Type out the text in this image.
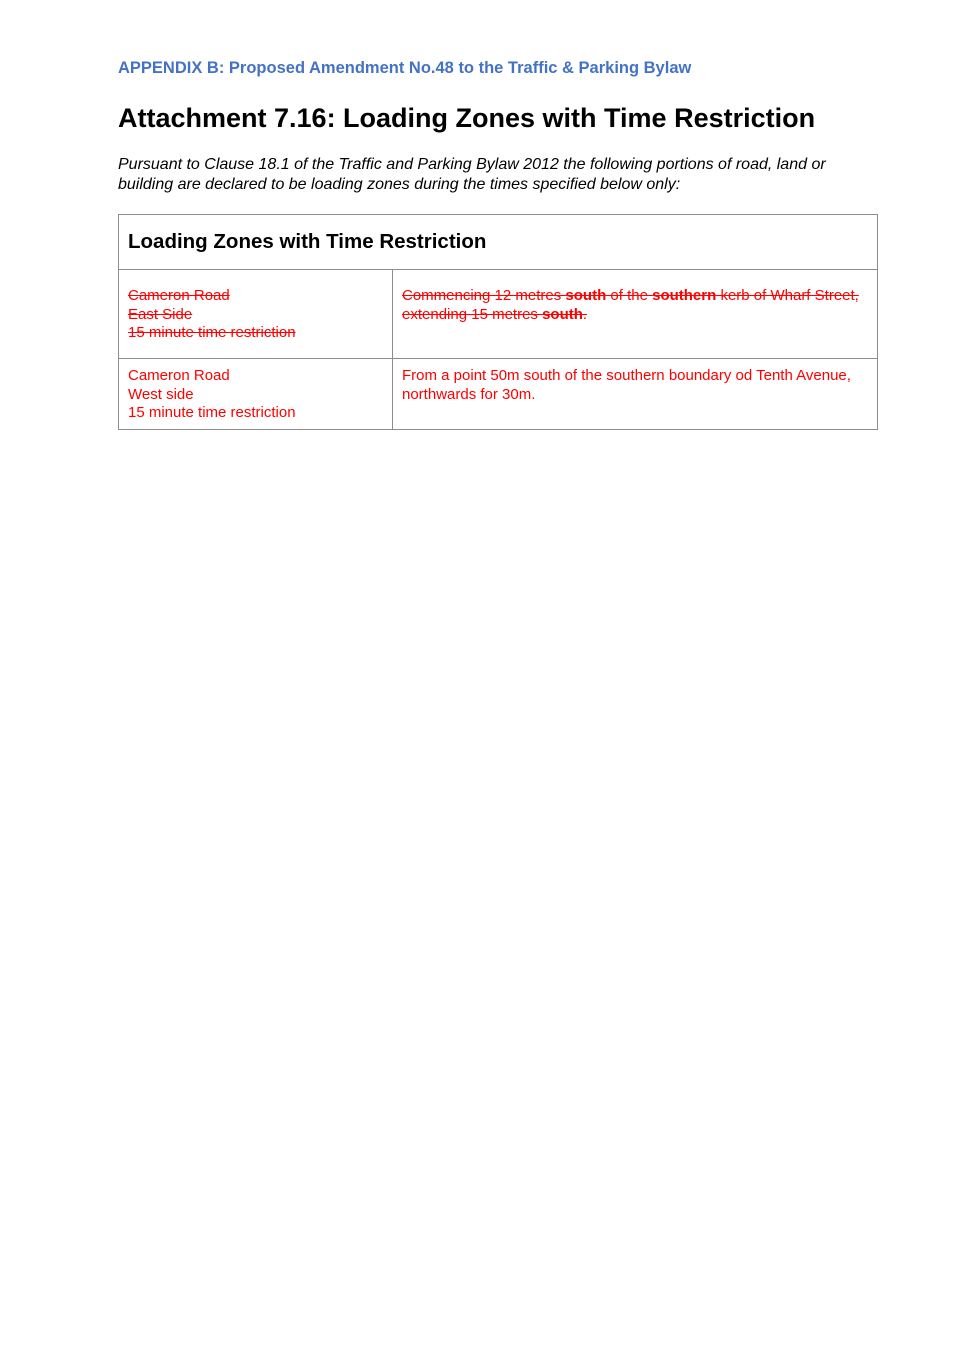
APPENDIX B: Proposed Amendment No.48 to the Traffic & Parking Bylaw
Attachment 7.16: Loading Zones with Time Restriction

Pursuant to Clause 18.1 of the Traffic and Parking Bylaw 2012 the following portions of road, land or building are declared to be loading zones during the times specified below only:

Loading Zones with Time Restriction	

Cameron Road
East Side
15 minute time restriction	Commencing 12 metres south of the southern kerb of Wharf Street, extending 15 metres south.

Cameron Road
West side
15 minute time restriction	From a point 50m south of the southern boundary od Tenth Avenue, northwards for 30m.
